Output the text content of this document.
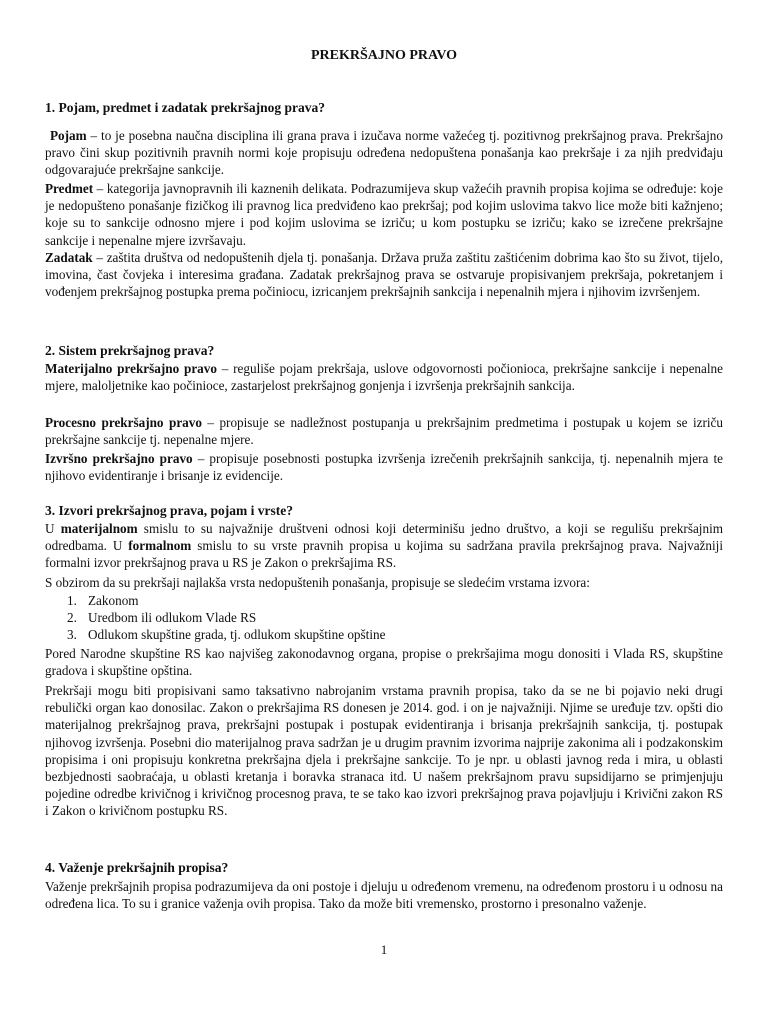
PREKRŠAJNO PRAVO
1. Pojam, predmet i zadatak prekršajnog prava?
Pojam – to je posebna naučna disciplina ili grana prava i izučava norme važećeg tj. pozitivnog prekršajnog prava. Prekršajno pravo čini skup pozitivnih pravnih normi koje propisuju određena nedopuštena ponašanja kao prekršaje i za njih predviđaju odgovarajuće prekršajne sankcije.
Predmet – kategorija javnopravnih ili kaznenih delikata. Podrazumijeva skup važećih pravnih propisa kojima se određuje: koje je nedopušteno ponašanje fizičkog ili pravnog lica predviđeno kao prekršaj; pod kojim uslovima takvo lice može biti kažnjeno; koje su to sankcije odnosno mjere i pod kojim uslovima se izriču; u kom postupku se izriču; kako se izrečene prekršajne sankcije i nepenalne mjere izvršavaju.
Zadatak – zaštita društva od nedopuštenih djela tj. ponašanja. Država pruža zaštitu zaštićenim dobrima kao što su život, tijelo, imovina, čast čovjeka i interesima građana. Zadatak prekršajnog prava se ostvaruje propisivanjem prekršaja, pokretanjem i vođenjem prekršajnog postupka prema počiniocu, izricanjem prekršajnih sankcija i nepenalnih mjera i njihovim izvršenjem.
2. Sistem prekršajnog prava?
Materijalno prekršajno pravo – reguliše pojam prekršaja, uslove odgovornosti počionioca, prekršajne sankcije i nepenalne mjere, maloljetnike kao počinioce, zastarjelost prekršajnog gonjenja i izvršenja prekršajnih sankcija.
Procesno prekršajno pravo – propisuje se nadležnost postupanja u prekršajnim predmetima i postupak u kojem se izriču prekršajne sankcije tj. nepenalne mjere.
Izvršno prekršajno pravo – propisuje posebnosti postupka izvršenja izrečenih prekršajnih sankcija, tj. nepenalnih mjera te njihovo evidentiranje i brisanje iz evidencije.
3. Izvori prekršajnog prava, pojam i vrste?
U materijalnom smislu to su najvažnije društveni odnosi koji determinišu jedno društvo, a koji se regulišu prekršajnim odredbama. U formalnom smislu to su vrste pravnih propisa u kojima su sadržana pravila prekršajnog prava. Najvažniji formalni izvor prekršajnog prava u RS je Zakon o prekršajima RS.
S obzirom da su prekršaji najlakša vrsta nedopuštenih ponašanja, propisuje se sledećim vrstama izvora:
1. Zakonom
2. Uredbom ili odlukom Vlade RS
3. Odlukom skupštine grada, tj. odlukom skupštine opštine
Pored Narodne skupštine RS kao najvišeg zakonodavnog organa, propise o prekršajima mogu donositi i Vlada RS, skupštine gradova i skupštine opština.
Prekršaji mogu biti propisivani samo taksativno nabrojanim vrstama pravnih propisa, tako da se ne bi pojavio neki drugi rebulički organ kao donosilac. Zakon o prekršajima RS donesen je 2014. god. i on je najvažniji. Njime se uređuje tzv. opšti dio materijalnog prekršajnog prava, prekršajni postupak i postupak evidentiranja i brisanja prekršajnih sankcija, tj. postupak njihovog izvršenja. Posebni dio materijalnog prava sadržan je u drugim pravnim izvorima najprije zakonima ali i podzakonskim propisima i oni propisuju konkretna prekršajna djela i prekršajne sankcije. To je npr. u oblasti javnog reda i mira, u oblasti bezbjednosti saobraćaja, u oblasti kretanja i boravka stranaca itd. U našem prekršajnom pravu supsidijarno se primjenjuju pojedine odredbe krivičnog i krivičnog procesnog prava, te se tako kao izvori prekršajnog prava pojavljuju i Krivični zakon RS i Zakon o krivičnom postupku RS.
4. Važenje prekršajnih propisa?
Važenje prekršajnih propisa podrazumijeva da oni postoje i djeluju u određenom vremenu, na određenom prostoru i u odnosu na određena lica. To su i granice važenja ovih propisa. Tako da može biti vremensko, prostorno i presonalno važenje.
1
